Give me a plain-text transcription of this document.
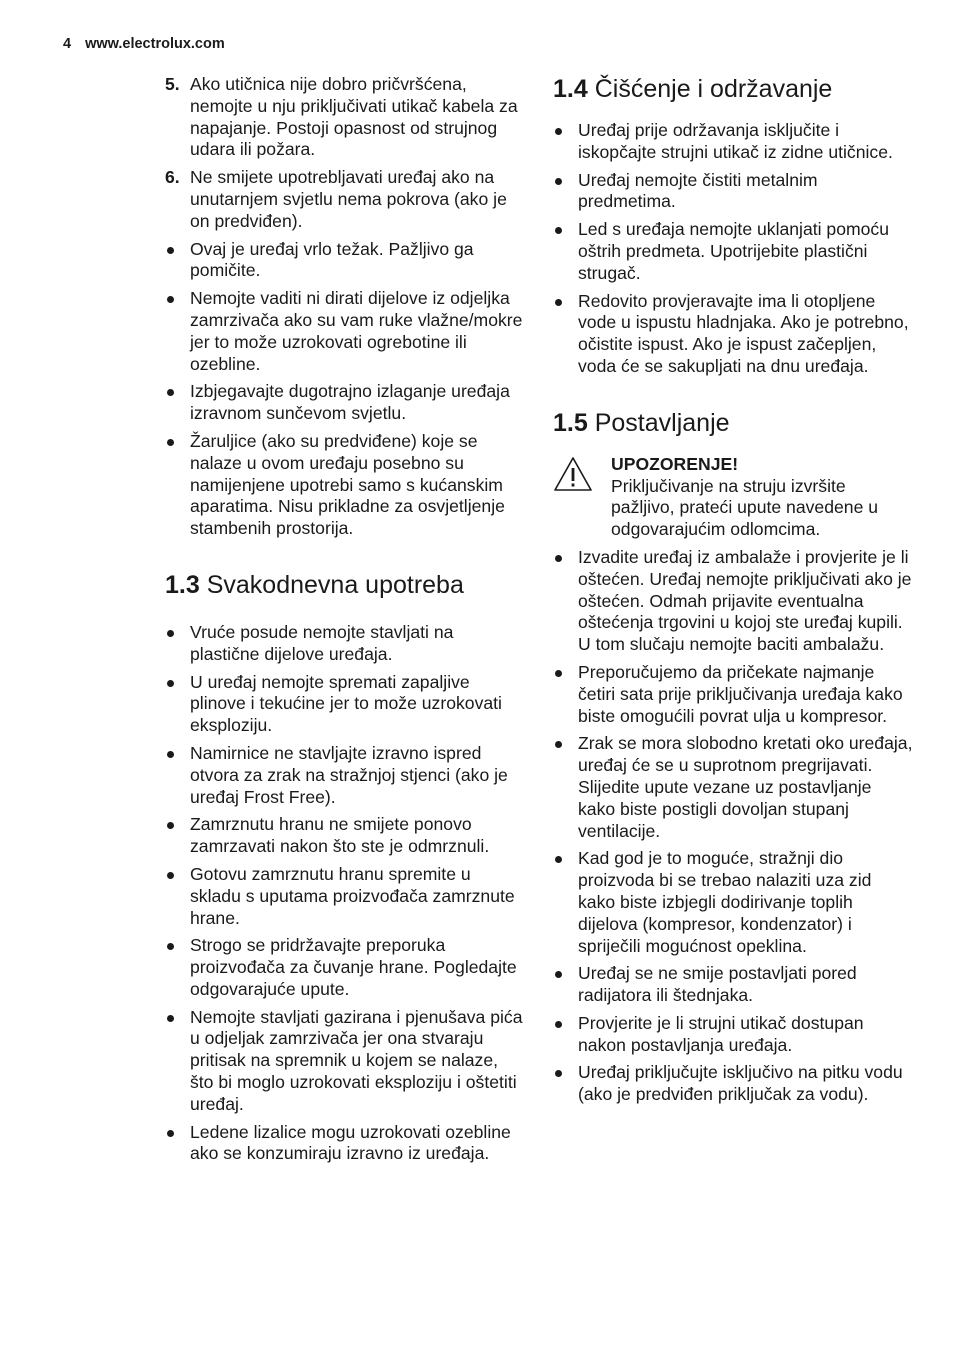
4 www.electrolux.com
5. Ako utičnica nije dobro pričvršćena, nemojte u nju priključivati utikač kabela za napajanje. Postoji opasnost od strujnog udara ili požara.
6. Ne smijete upotrebljavati uređaj ako na unutarnjem svjetlu nema pokrova (ako je on predviđen).
Ovaj je uređaj vrlo težak. Pažljivo ga pomičite.
Nemojte vaditi ni dirati dijelove iz odjeljka zamrzivača ako su vam ruke vlažne/mokre jer to može uzrokovati ogrebotine ili ozebline.
Izbjegavajte dugotrajno izlaganje uređaja izravnom sunčevom svjetlu.
Žaruljice (ako su predviđene) koje se nalaze u ovom uređaju posebno su namijenjene upotrebi samo s kućanskim aparatima. Nisu prikladne za osvjetljenje stambenih prostorija.
1.3 Svakodnevna upotreba
Vruće posude nemojte stavljati na plastične dijelove uređaja.
U uređaj nemojte spremati zapaljive plinove i tekućine jer to može uzrokovati eksploziju.
Namirnice ne stavljajte izravno ispred otvora za zrak na stražnjoj stjenci (ako je uređaj Frost Free).
Zamrznutu hranu ne smijete ponovo zamrzavati nakon što ste je odmrznuli.
Gotovu zamrznutu hranu spremite u skladu s uputama proizvođača zamrznute hrane.
Strogo se pridržavajte preporuka proizvođača za čuvanje hrane. Pogledajte odgovarajuće upute.
Nemojte stavljati gazirana i pjenušava pića u odjeljak zamrzivača jer ona stvaraju pritisak na spremnik u kojem se nalaze, što bi moglo uzrokovati eksploziju i oštetiti uređaj.
Ledene lizalice mogu uzrokovati ozebline ako se konzumiraju izravno iz uređaja.
1.4 Čišćenje i održavanje
Uređaj prije održavanja isključite i iskopčajte strujni utikač iz zidne utičnice.
Uređaj nemojte čistiti metalnim predmetima.
Led s uređaja nemojte uklanjati pomoću oštrih predmeta. Upotrijebite plastični strugač.
Redovito provjeravajte ima li otopljene vode u ispustu hladnjaka. Ako je potrebno, očistite ispust. Ako je ispust začepljen, voda će se sakupljati na dnu uređaja.
1.5 Postavljanje
UPOZORENJE!
Priključivanje na struju izvršite pažljivo, prateći upute navedene u odgovarajućim odlomcima.
Izvadite uređaj iz ambalaže i provjerite je li oštećen. Uređaj nemojte priključivati ako je oštećen. Odmah prijavite eventualna oštećenja trgovini u kojoj ste uređaj kupili. U tom slučaju nemojte baciti ambalažu.
Preporučujemo da pričekate najmanje četiri sata prije priključivanja uređaja kako biste omogućili povrat ulja u kompresor.
Zrak se mora slobodno kretati oko uređaja, uređaj će se u suprotnom pregrijavati. Slijedite upute vezane uz postavljanje kako biste postigli dovoljan stupanj ventilacije.
Kad god je to moguće, stražnji dio proizvoda bi se trebao nalaziti uza zid kako biste izbjegli dodirivanje toplih dijelova (kompresor, kondenzator) i spriječili mogućnost opeklina.
Uređaj se ne smije postavljati pored radijatora ili štednjaka.
Provjerite je li strujni utikač dostupan nakon postavljanja uređaja.
Uređaj priključujte isključivo na pitku vodu (ako je predviđen priključak za vodu).
